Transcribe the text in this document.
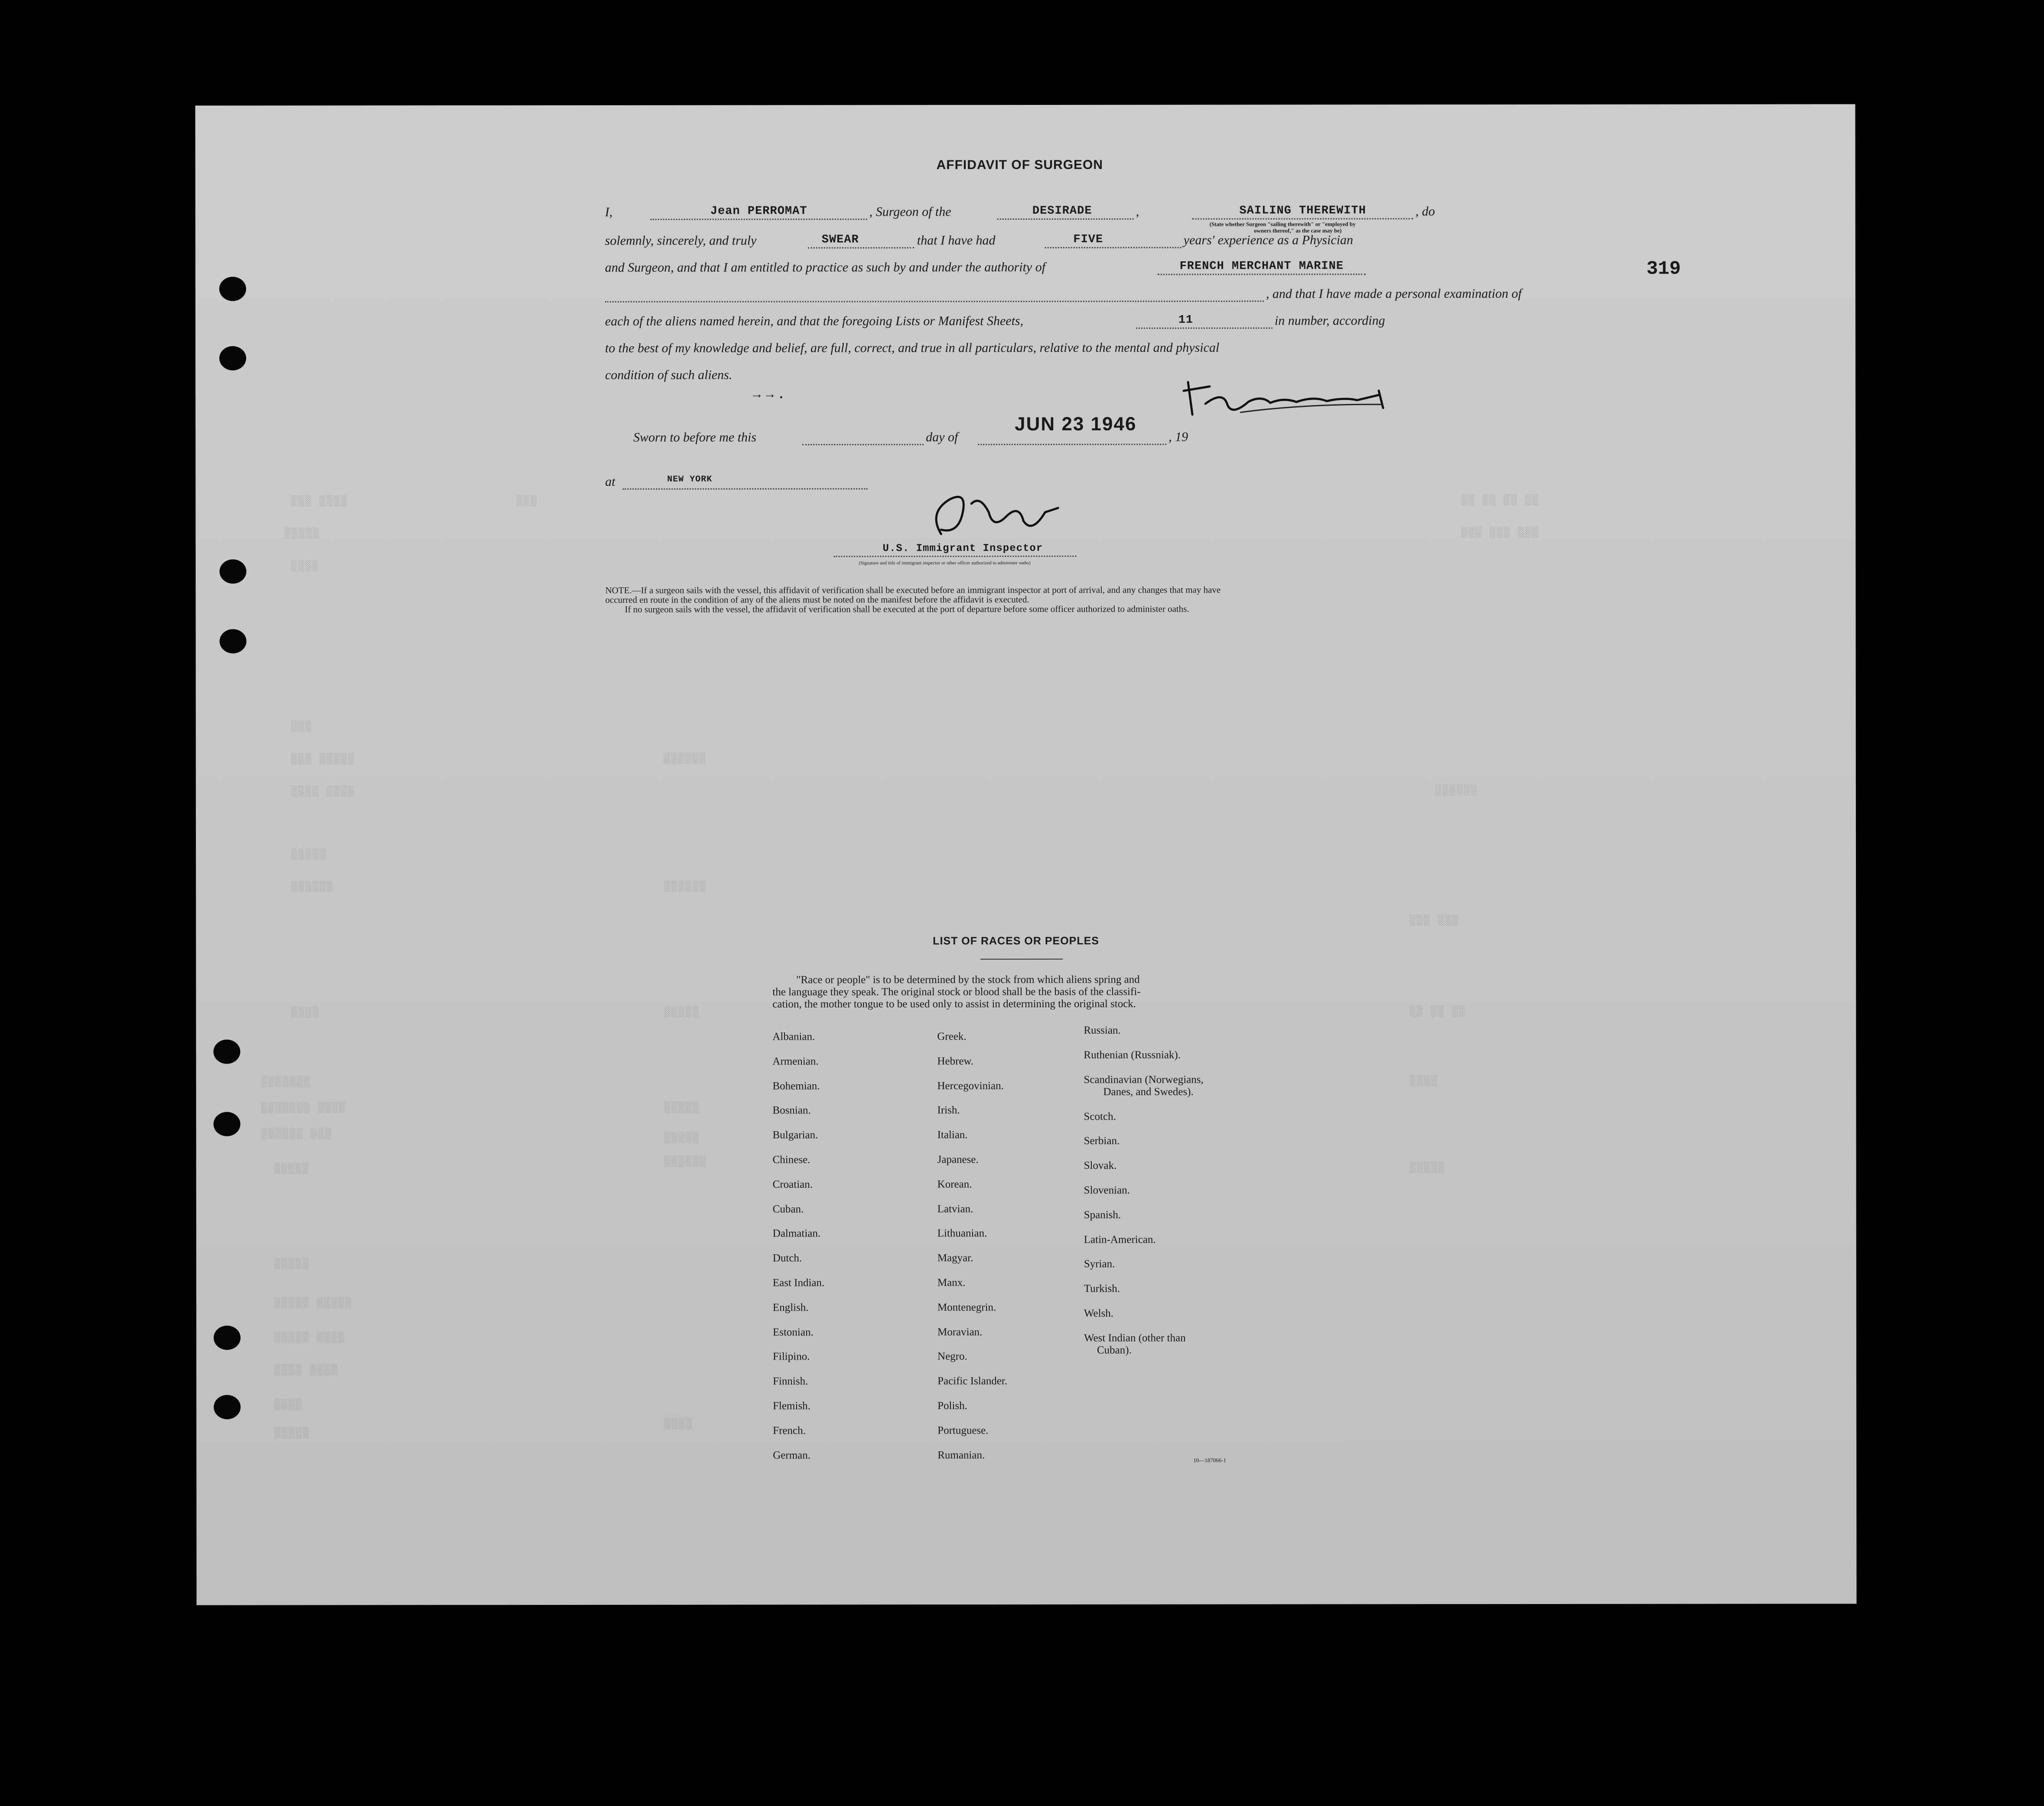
319
AFFIDAVIT OF SURGEON
I,	Jean PERROMAT	, Surgeon of the	DESIRADE	,	SAILING THEREWITH	, do
(State whether Surgeon "sailing therewith" or "employed by
owners thereof," as the case may be)
solemnly, sincerely, and truly	SWEAR	that I have had	FIVE	years' experience as a Physician
and Surgeon, and that I am entitled to practice as such by and under the authority of	FRENCH MERCHANT MARINE
, and that I have made a personal examination of
each of the aliens named herein, and that the foregoing Lists or Manifest Sheets,	11	in number, according
to the best of my knowledge and belief, are full, correct, and true in all particulars, relative to the mental and physical
condition of such aliens.
→→ .
Sworn to before me this	day of
JUN 23 1946
, 19
at	NEW YORK
U.S. Immigrant Inspector
(Signature and title of immigrant inspector or other officer authorized to administer oaths)
NOTE.—If a surgeon sails with the vessel, this affidavit of verification shall be executed before an immigrant inspector at port of arrival, and any changes that may have
occurred en route in the condition of any of the aliens must be noted on the manifest before the affidavit is executed.
If no surgeon sails with the vessel, the affidavit of verification shall be executed at the port of departure before some officer authorized to administer oaths.
░░░ ░░░░
░░░░░
░░░░
░░░
░░░ ░░░░░
░░░░ ░░░░
░░░░░
░░░░░░
░░░░
░░░░░░░
░░░░░░░ ░░░░
░░░░░░ ░░░
░░░░░
░░░░░
░░░░░ ░░░░░
░░░░░ ░░░░
░░░░ ░░░░
░░░░
░░░░░
░░░
░░░░░░
░░░░░░
░░░░░
░░░░░
░░░░░
░░░░░░
░░░░
░░ ░░ ░░ ░░
░░░ ░░░ ░░░
░░░░░░
░░░ ░░░
░░ ░░ ░░
░░░░
░░░░░
LIST OF RACES OR PEOPLES
"Race or people" is to be determined by the stock from which aliens spring and
the language they speak. The original stock or blood shall be the basis of the classifi-
cation, the mother tongue to be used only to assist in determining the original stock.
Albanian.
Armenian.
Bohemian.
Bosnian.
Bulgarian.
Chinese.
Croatian.
Cuban.
Dalmatian.
Dutch.
East Indian.
English.
Estonian.
Filipino.
Finnish.
Flemish.
French.
German.
Greek.
Hebrew.
Hercegovinian.
Irish.
Italian.
Japanese.
Korean.
Latvian.
Lithuanian.
Magyar.
Manx.
Montenegrin.
Moravian.
Negro.
Pacific Islander.
Polish.
Portuguese.
Rumanian.
Russian.
Ruthenian (Russniak).
Scandinavian (Norwegians,
Danes, and Swedes).
Scotch.
Serbian.
Slovak.
Slovenian.
Spanish.
Latin-American.
Syrian.
Turkish.
Welsh.
West Indian (other than
Cuban).
10—187066-1
